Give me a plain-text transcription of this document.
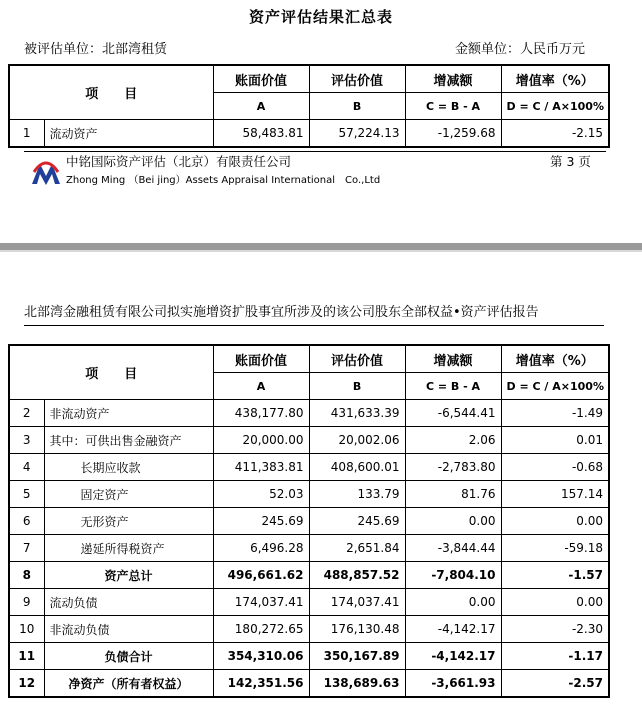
资产评估结果汇总表
被评估单位：北部湾租赁	金额单位：人民币万元
项　　目		账面价值	评估价值	增减额	增值率（%）
		A	B	C = B - A	D = C / A×100%
1	流动资产	58,483.81	57,224.13	-1,259.68	-2.15
中铭国际资产评估（北京）有限责任公司
Zhong Ming （Bei jing）Assets Appraisal International　Co.,Ltd
第 3 页
北部湾金融租赁有限公司拟实施增资扩股事宜所涉及的该公司股东全部权益•资产评估报告
项　　目		账面价值	评估价值	增减额	增值率（%）
		A	B	C = B - A	D = C / A×100%
2	非流动资产	438,177.80	431,633.39	-6,544.41	-1.49
3	其中：可供出售金融资产	20,000.00	20,002.06	2.06	0.01
4	长期应收款	411,383.81	408,600.01	-2,783.80	-0.68
5	固定资产	52.03	133.79	81.76	157.14
6	无形资产	245.69	245.69	0.00	0.00
7	递延所得税资产	6,496.28	2,651.84	-3,844.44	-59.18
8	资产总计	496,661.62	488,857.52	-7,804.10	-1.57
9	流动负债	174,037.41	174,037.41	0.00	0.00
10	非流动负债	180,272.65	176,130.48	-4,142.17	-2.30
11	负债合计	354,310.06	350,167.89	-4,142.17	-1.17
12	净资产（所有者权益）	142,351.56	138,689.63	-3,661.93	-2.57
